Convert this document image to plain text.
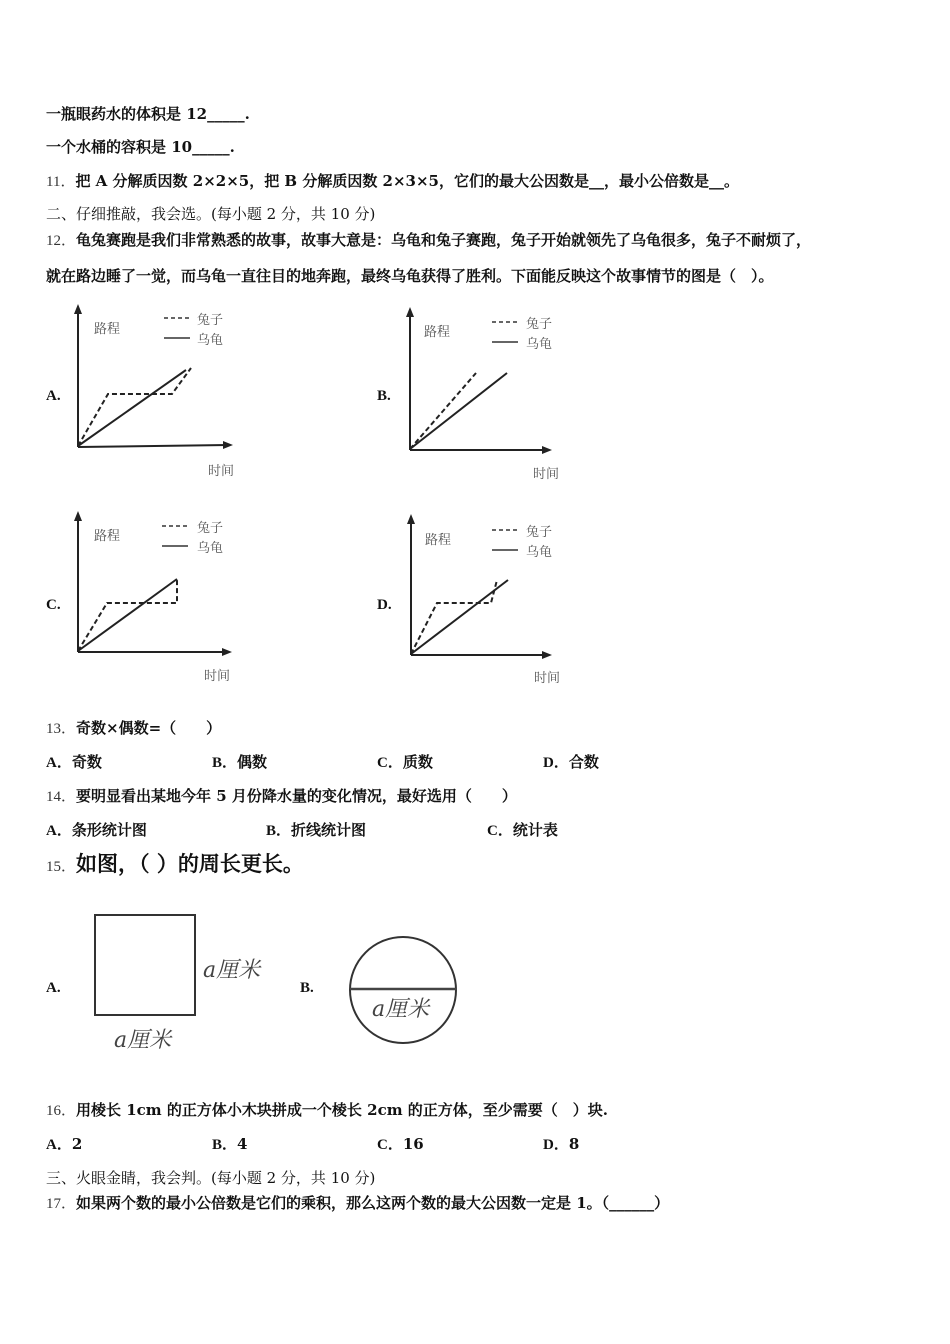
一瓶眼药水的体积是 12_____.
一个水桶的容积是 10_____.
11．把 A 分解质因数 2×2×5，把 B 分解质因数 2×3×5，它们的最大公因数是__，最小公倍数是__。
二、仔细推敲，我会选。(每小题 2 分，共 10 分)
12．龟兔赛跑是我们非常熟悉的故事，故事大意是：乌龟和兔子赛跑，兔子开始就领先了乌龟很多，兔子不耐烦了，
就在路边睡了一觉，而乌龟一直往目的地奔跑，最终乌龟获得了胜利。下面能反映这个故事情节的图是（　）。
A.
路程
兔子
乌龟
时间
B.
路程
兔子
乌龟
时间
C.
路程
兔子
乌龟
时间
D.
路程
兔子
乌龟
时间
13．奇数×偶数=（　　）
A．奇数	B．偶数	C．质数	D．合数
14．要明显看出某地今年 5 月份降水量的变化情况，最好选用（　　）
A．条形统计图	B．折线统计图	C．统计表
15．如图，（ ）的周长更长。
A.
a厘米
a厘米
B.
a厘米
16．用棱长 1cm 的正方体小木块拼成一个棱长 2cm 的正方体，至少需要（　）块.
A．2	B．4	C．16	D．8
三、火眼金睛，我会判。(每小题 2 分，共 10 分)
17．如果两个数的最小公倍数是它们的乘积，那么这两个数的最大公因数一定是 1。（______）
